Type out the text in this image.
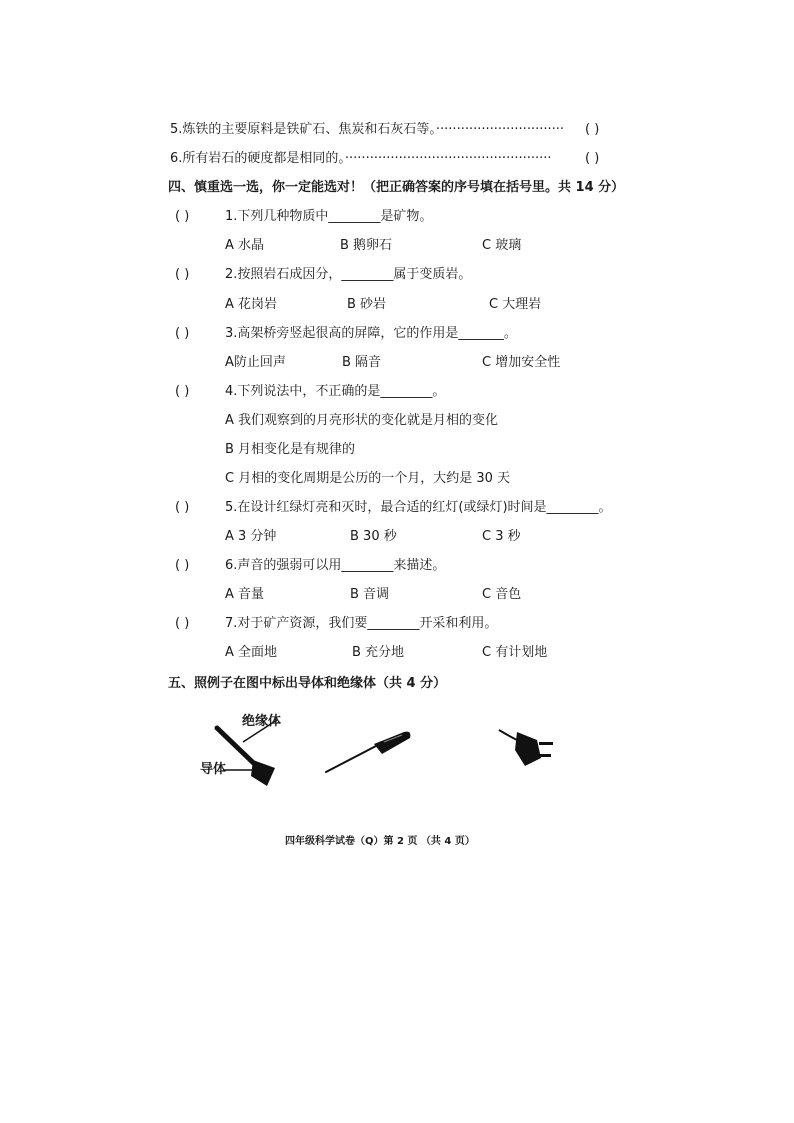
5.炼铁的主要原料是铁矿石、焦炭和石灰石等。······························· ( )
6.所有岩石的硬度都是相同的。··················································	( )
四、慎重选一选，你一定能选对！（把正确答案的序号填在括号里。共 14 分）
( )	1.下列几种物质中________是矿物。
A 水晶	B 鹅卵石	C 玻璃
( )	2.按照岩石成因分，________属于变质岩。
A 花岗岩	B 砂岩	C 大理岩
( )	3.高架桥旁竖起很高的屏障，它的作用是_______。
A防止回声	B 隔音	C 增加安全性
( )	4.下列说法中，不正确的是________。
A 我们观察到的月亮形状的变化就是月相的变化
B 月相变化是有规律的
C 月相的变化周期是公历的一个月，大约是 30 天
( )	5.在设计红绿灯亮和灭时，最合适的红灯(或绿灯)时间是________。
A 3 分钟	B 30 秒	C 3 秒
( )	6.声音的强弱可以用________来描述。
A 音量	B 音调	C 音色
( )	7.对于矿产资源，我们要________开采和利用。
A 全面地	B 充分地	C 有计划地
五、照例子在图中标出导体和绝缘体（共 4 分）
绝缘体
导体
四年级科学试卷（Q）第 2 页 （共 4 页）
